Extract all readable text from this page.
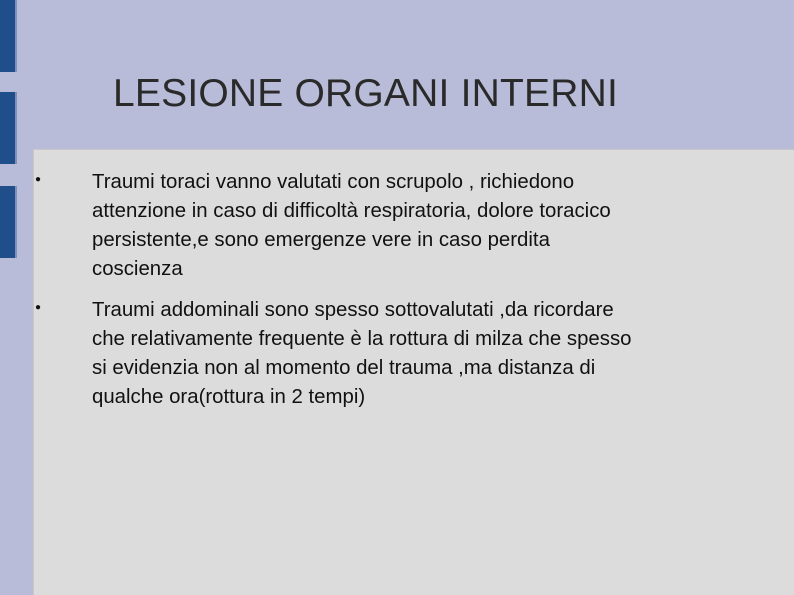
LESIONE ORGANI INTERNI
● Traumi toraci vanno valutati con scrupolo , richiedono
attenzione in caso di difficoltà respiratoria, dolore toracico
persistente,e sono emergenze vere in caso perdita
coscienza
● Traumi addominali sono spesso sottovalutati ,da ricordare
che relativamente frequente è la rottura di milza che spesso
si evidenzia non al momento del trauma ,ma distanza di
qualche ora(rottura in 2 tempi)
